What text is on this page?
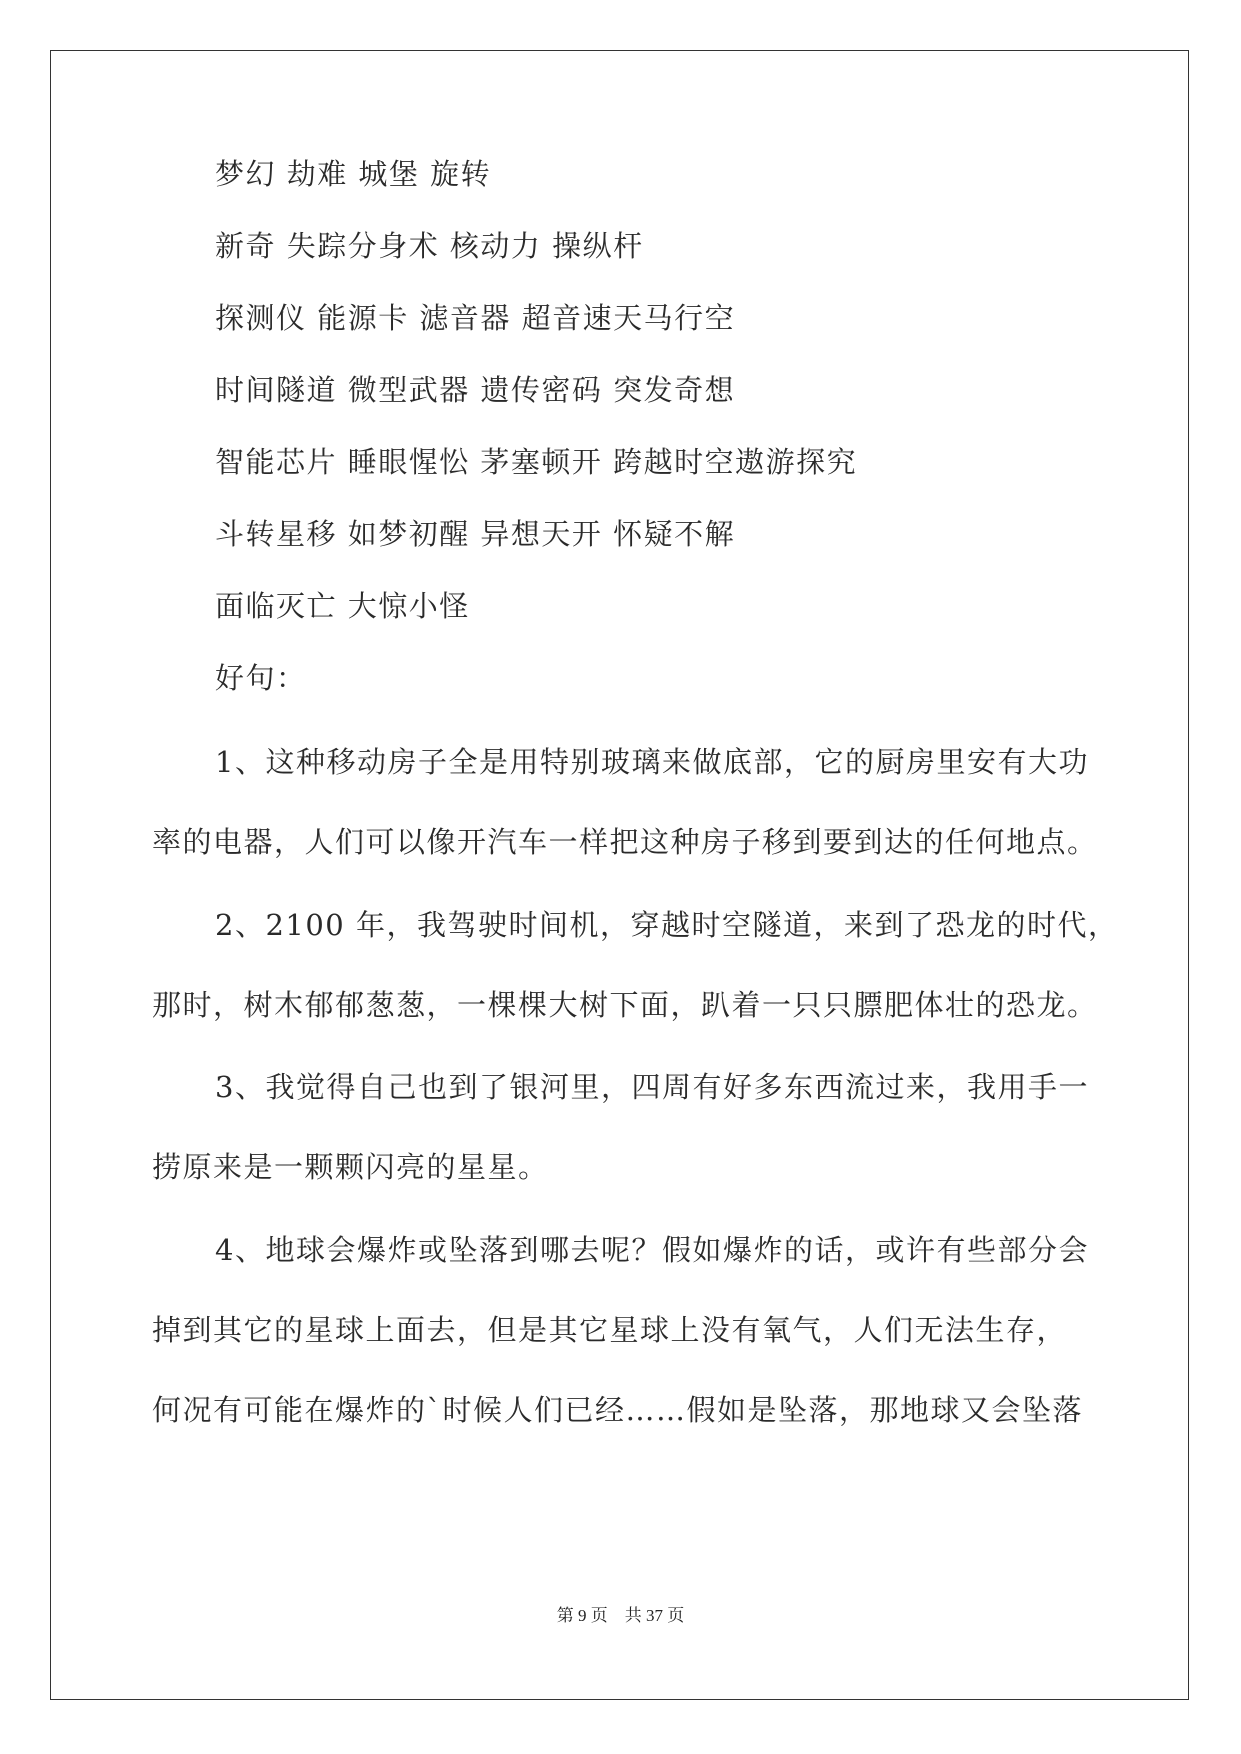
梦幻 劫难 城堡 旋转
新奇 失踪分身术 核动力 操纵杆
探测仪 能源卡 滤音器 超音速天马行空
时间隧道 微型武器 遗传密码 突发奇想
智能芯片 睡眼惺忪 茅塞顿开 跨越时空遨游探究
斗转星移 如梦初醒 异想天开 怀疑不解
面临灭亡 大惊小怪
好句：
1、这种移动房子全是用特别玻璃来做底部，它的厨房里安有大功
率的电器，人们可以像开汽车一样把这种房子移到要到达的任何地点。
2、2100 年，我驾驶时间机，穿越时空隧道，来到了恐龙的时代，
那时，树木郁郁葱葱，一棵棵大树下面，趴着一只只膘肥体壮的恐龙。
3、我觉得自己也到了银河里，四周有好多东西流过来，我用手一
捞原来是一颗颗闪亮的星星。
4、地球会爆炸或坠落到哪去呢？假如爆炸的话，或许有些部分会
掉到其它的星球上面去，但是其它星球上没有氧气，人们无法生存，
何况有可能在爆炸的`时候人们已经……假如是坠落，那地球又会坠落
第 9 页　共 37 页
